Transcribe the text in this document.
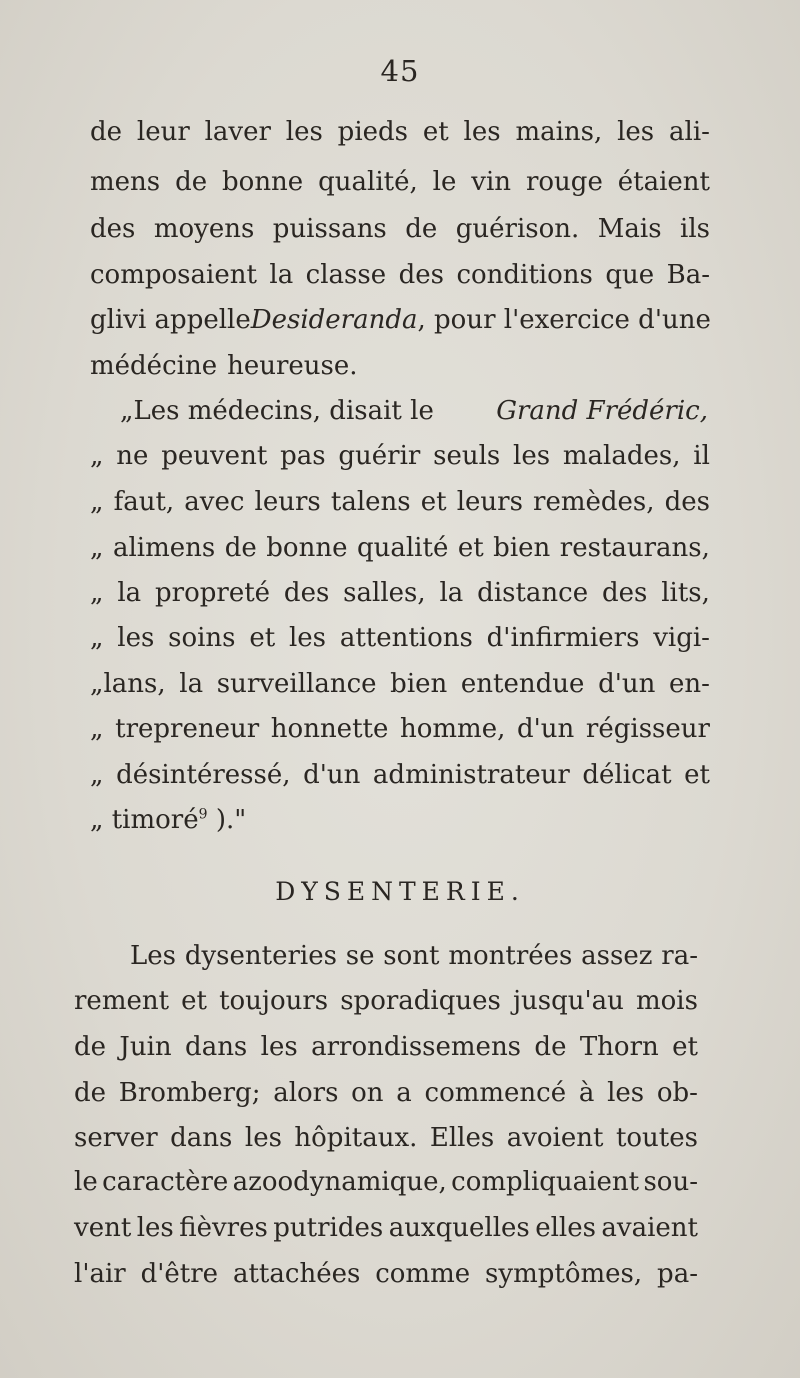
45
de leur laver les pieds et les mains, les ali-
mens de bonne qualité, le vin rouge étaient
des moyens puissans de guérison. Mais ils
composaient la classe des conditions que Ba-
glivi appelle Desideranda, pour l'exercice d'une
médécine heureuse.
„Les médecins, disait le Grand Frédéric,
„ ne peuvent pas guérir seuls les malades, il
„ faut, avec leurs talens et leurs remèdes, des
„ alimens de bonne qualité et bien restaurans,
„ la propreté des salles, la distance des lits,
„ les soins et les attentions d'infirmiers vigi-
„lans, la surveillance bien entendue d'un en-
„ trepreneur honnette homme, d'un régisseur
„ désintéressé, d'un administrateur délicat et
„ timoré $^9$ )."
DYSENTERIE.
Les dysenteries se sont montrées assez ra-
rement et toujours sporadiques jusqu'au mois
de Juin dans les arrondissemens de Thorn et
de Bromberg; alors on a commencé à les ob-
server dans les hôpitaux. Elles avoient toutes
le caractère azoodynamique, compliquaient sou-
vent les fièvres putrides auxquelles elles avaient
l'air d'être attachées comme symptômes, pa-
